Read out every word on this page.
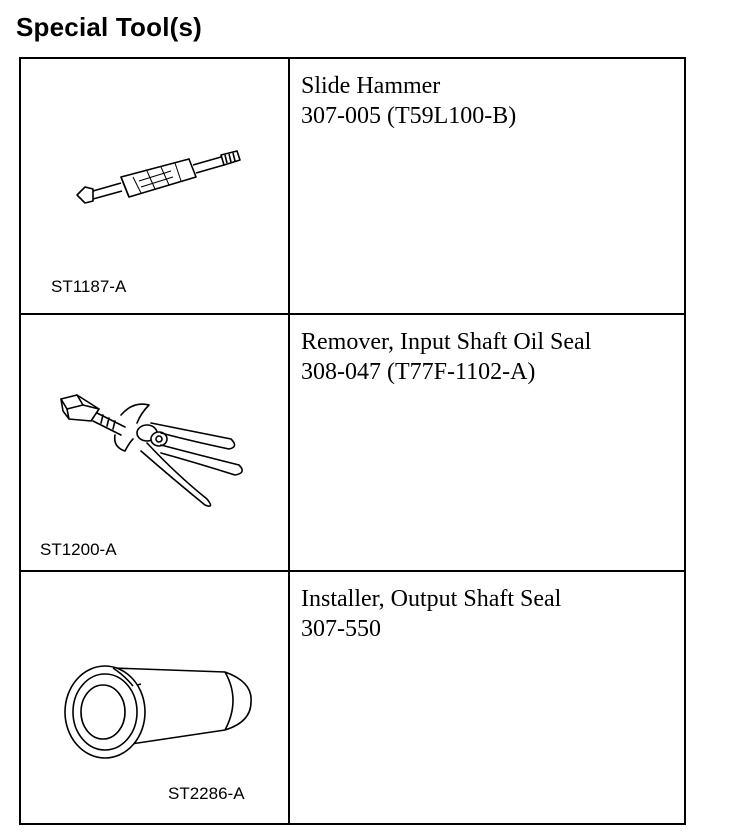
Special Tool(s)
ST1187-A	Slide Hammer
307-005 (T59L100-B)

ST1200-A	Remover, Input Shaft Oil Seal
308-047 (T77F-1102-A)

ST2286-A	Installer, Output Shaft Seal
307-550
